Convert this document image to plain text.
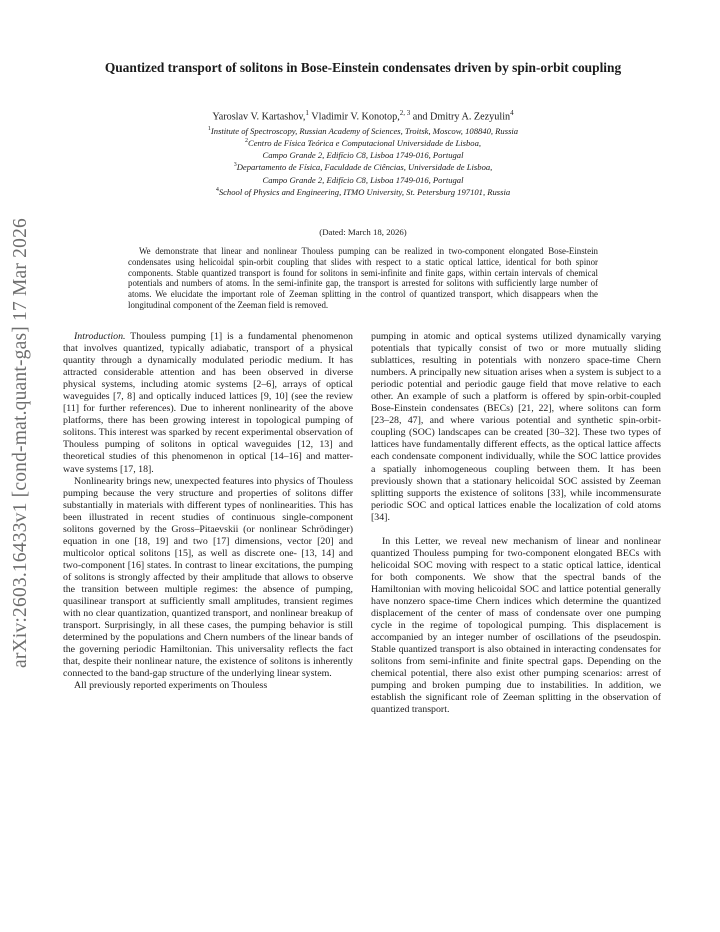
arXiv:2603.16433v1 [cond-mat.quant-gas] 17 Mar 2026
Quantized transport of solitons in Bose-Einstein condensates driven by spin-orbit coupling
Yaroslav V. Kartashov,$^1$ Vladimir V. Konotop,$^{2, 3}$ and Dmitry A. Zezyulin$^4$
$^1$Institute of Spectroscopy, Russian Academy of Sciences, Troitsk, Moscow, 108840, Russia
$^2$Centro de Física Teórica e Computacional Universidade de Lisboa,
Campo Grande 2, Edifício C8, Lisboa 1749-016, Portugal
$^3$Departamento de Física, Faculdade de Ciências, Universidade de Lisboa,
Campo Grande 2, Edifício C8, Lisboa 1749-016, Portugal
$^4$School of Physics and Engineering, ITMO University, St. Petersburg 197101, Russia
(Dated: March 18, 2026)

We demonstrate that linear and nonlinear Thouless pumping can be realized in two-component elongated Bose-Einstein condensates using helicoidal spin-orbit coupling that slides with respect to a static optical lattice, identical for both spinor components. Stable quantized transport is found for solitons in semi-infinite and finite gaps, within certain intervals of chemical potentials and numbers of atoms. In the semi-infinite gap, the transport is arrested for solitons with sufficiently large number of atoms. We elucidate the important role of Zeeman splitting in the control of quantized transport, which disappears when the longitudinal component of the Zeeman field is removed.

Introduction. Thouless pumping [1] is a fundamental phenomenon that involves quantized, typically adiabatic, transport of a physical quantity through a dynamically modulated periodic medium. It has attracted considerable attention and has been observed in diverse physical systems, including atomic systems [2–6], arrays of optical waveguides [7, 8] and optically induced lattices [9, 10] (see the review [11] for further references). Due to inherent nonlinearity of the above platforms, there has been growing interest in topological pumping of solitons. This interest was sparked by recent experimental observation of Thouless pumping of solitons in optical waveguides [12, 13] and theoretical studies of this phenomenon in optical [14–16] and matter-wave systems [17, 18].

Nonlinearity brings new, unexpected features into physics of Thouless pumping because the very structure and properties of solitons differ substantially in materials with different types of nonlinearities. This has been illustrated in recent studies of continuous single-component solitons governed by the Gross–Pitaevskii (or nonlinear Schrödinger) equation in one [18, 19] and two [17] dimensions, vector [20] and multicolor optical solitons [15], as well as discrete one- [13, 14] and two-component [16] states. In contrast to linear excitations, the pumping of solitons is strongly affected by their amplitude that allows to observe the transition between multiple regimes: the absence of pumping, quasilinear transport at sufficiently small amplitudes, transient regimes with no clear quantization, quantized transport, and nonlinear breakup of transport. Surprisingly, in all these cases, the pumping behavior is still determined by the populations and Chern numbers of the linear bands of the governing periodic Hamiltonian. This universality reflects the fact that, despite their nonlinear nature, the existence of solitons is inherently connected to the band-gap structure of the underlying linear system.

All previously reported experiments on Thouless

pumping in atomic and optical systems utilized dynamically varying potentials that typically consist of two or more mutually sliding sublattices, resulting in potentials with nonzero space-time Chern numbers. A principally new situation arises when a system is subject to a periodic potential and periodic gauge field that move relative to each other. An example of such a platform is offered by spin-orbit-coupled Bose-Einstein condensates (BECs) [21, 22], where solitons can form [23–28, 47], and where various potential and synthetic spin-orbit-coupling (SOC) landscapes can be created [30–32]. These two types of lattices have fundamentally different effects, as the optical lattice affects each condensate component individually, while the SOC lattice provides a spatially inhomogeneous coupling between them. It has been previously shown that a stationary helicoidal SOC assisted by Zeeman splitting supports the existence of solitons [33], while incommensurate periodic SOC and optical lattices enable the localization of cold atoms [34].

In this Letter, we reveal new mechanism of linear and nonlinear quantized Thouless pumping for two-component elongated BECs with helicoidal SOC moving with respect to a static optical lattice, identical for both components. We show that the spectral bands of the Hamiltonian with moving helicoidal SOC and lattice potential generally have nonzero space-time Chern indices which determine the quantized displacement of the center of mass of condensate over one pumping cycle in the regime of topological pumping. This displacement is accompanied by an integer number of oscillations of the pseudospin. Stable quantized transport is also obtained in interacting condensates for solitons from semi-infinite and finite spectral gaps. Depending on the chemical potential, there also exist other pumping scenarios: arrest of pumping and broken pumping due to instabilities. In addition, we establish the significant role of Zeeman splitting in the observation of quantized transport.
